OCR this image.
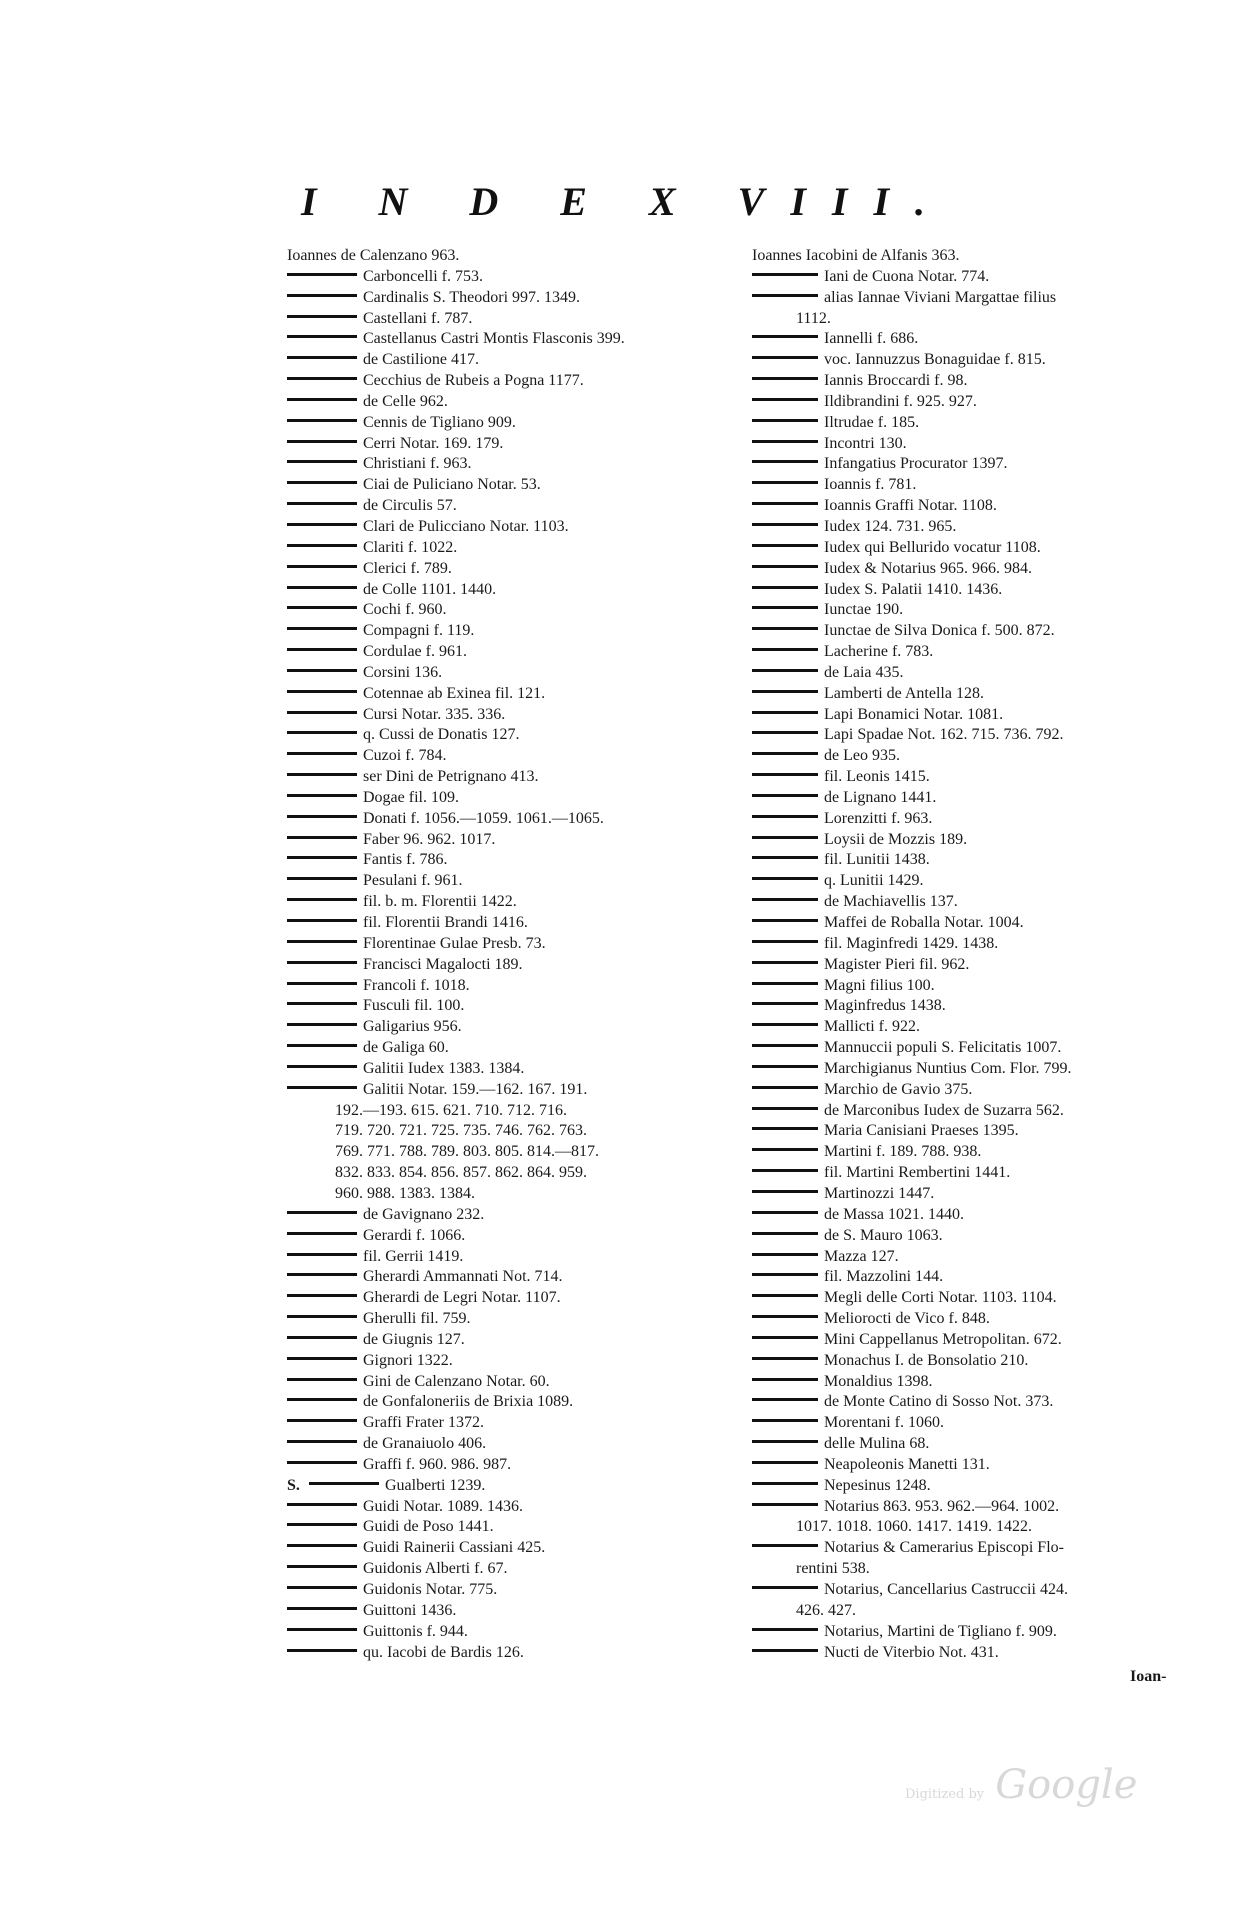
I N D E X VIII.
Ioannes de Calenzano 963.
Carboncelli f. 753.
Cardinalis S. Theodori 997. 1349.
Castellani f. 787.
Castellanus Castri Montis Flasconis 399.
de Castilione 417.
Cecchius de Rubeis a Pogna 1177.
de Celle 962.
Cennis de Tigliano 909.
Cerri Notar. 169. 179.
Christiani f. 963.
Ciai de Puliciano Notar. 53.
de Circulis 57.
Clari de Pulicciano Notar. 1103.
Clariti f. 1022.
Clerici f. 789.
de Colle 1101. 1440.
Cochi f. 960.
Compagni f. 119.
Cordulae f. 961.
Corsini 136.
Cotennae ab Exinea fil. 121.
Cursi Notar. 335. 336.
q. Cussi de Donatis 127.
Cuzoi f. 784.
ser Dini de Petrignano 413.
Dogae fil. 109.
Donati f. 1056.—1059. 1061.—1065.
Faber 96. 962. 1017.
Fantis f. 786.
Pesulani f. 961.
fil. b. m. Florentii 1422.
fil. Florentii Brandi 1416.
Florentinae Gulae Presb. 73.
Francisci Magalocti 189.
Francoli f. 1018.
Fusculi fil. 100.
Galigarius 956.
de Galiga 60.
Galitii Iudex 1383. 1384.
Galitii Notar. 159.—162. 167. 191.
192.—193. 615. 621. 710. 712. 716.
719. 720. 721. 725. 735. 746. 762. 763.
769. 771. 788. 789. 803. 805. 814.—817.
832. 833. 854. 856. 857. 862. 864. 959.
960. 988. 1383. 1384.
de Gavignano 232.
Gerardi f. 1066.
fil. Gerrii 1419.
Gherardi Ammannati Not. 714.
Gherardi de Legri Notar. 1107.
Gherulli fil. 759.
de Giugnis 127.
Gignori 1322.
Gini de Calenzano Notar. 60.
de Gonfaloneriis de Brixia 1089.
Graffi Frater 1372.
de Granaiuolo 406.
Graffi f. 960. 986. 987.
S.	Gualberti 1239.
Guidi Notar. 1089. 1436.
Guidi de Poso 1441.
Guidi Rainerii Cassiani 425.
Guidonis Alberti f. 67.
Guidonis Notar. 775.
Guittoni 1436.
Guittonis f. 944.
qu. Iacobi de Bardis 126.
Ioannes Iacobini de Alfanis 363.
Iani de Cuona Notar. 774.
alias Iannae Viviani Margattae filius
1112.
Iannelli f. 686.
voc. Iannuzzus Bonaguidae f. 815.
Iannis Broccardi f. 98.
Ildibrandini f. 925. 927.
Iltrudae f. 185.
Incontri 130.
Infangatius Procurator 1397.
Ioannis f. 781.
Ioannis Graffi Notar. 1108.
Iudex 124. 731. 965.
Iudex qui Bellurido vocatur 1108.
Iudex & Notarius 965. 966. 984.
Iudex S. Palatii 1410. 1436.
Iunctae 190.
Iunctae de Silva Donica f. 500. 872.
Lacherine f. 783.
de Laia 435.
Lamberti de Antella 128.
Lapi Bonamici Notar. 1081.
Lapi Spadae Not. 162. 715. 736. 792.
de Leo 935.
fil. Leonis 1415.
de Lignano 1441.
Lorenzitti f. 963.
Loysii de Mozzis 189.
fil. Lunitii 1438.
q. Lunitii 1429.
de Machiavellis 137.
Maffei de Roballa Notar. 1004.
fil. Maginfredi 1429. 1438.
Magister Pieri fil. 962.
Magni filius 100.
Maginfredus 1438.
Mallicti f. 922.
Mannuccii populi S. Felicitatis 1007.
Marchigianus Nuntius Com. Flor. 799.
Marchio de Gavio 375.
de Marconibus Iudex de Suzarra 562.
Maria Canisiani Praeses 1395.
Martini f. 189. 788. 938.
fil. Martini Rembertini 1441.
Martinozzi 1447.
de Massa 1021. 1440.
de S. Mauro 1063.
Mazza 127.
fil. Mazzolini 144.
Megli delle Corti Notar. 1103. 1104.
Meliorocti de Vico f. 848.
Mini Cappellanus Metropolitan. 672.
Monachus I. de Bonsolatio 210.
Monaldius 1398.
de Monte Catino di Sosso Not. 373.
Morentani f. 1060.
delle Mulina 68.
Neapoleonis Manetti 131.
Nepesinus 1248.
Notarius 863. 953. 962.—964. 1002.
1017. 1018. 1060. 1417. 1419. 1422.
Notarius & Camerarius Episcopi Flo-
rentini 538.
Notarius, Cancellarius Castruccii 424.
426. 427.
Notarius, Martini de Tigliano f. 909.
Nucti de Viterbio Not. 431.
Ioan-
Digitized by Google
